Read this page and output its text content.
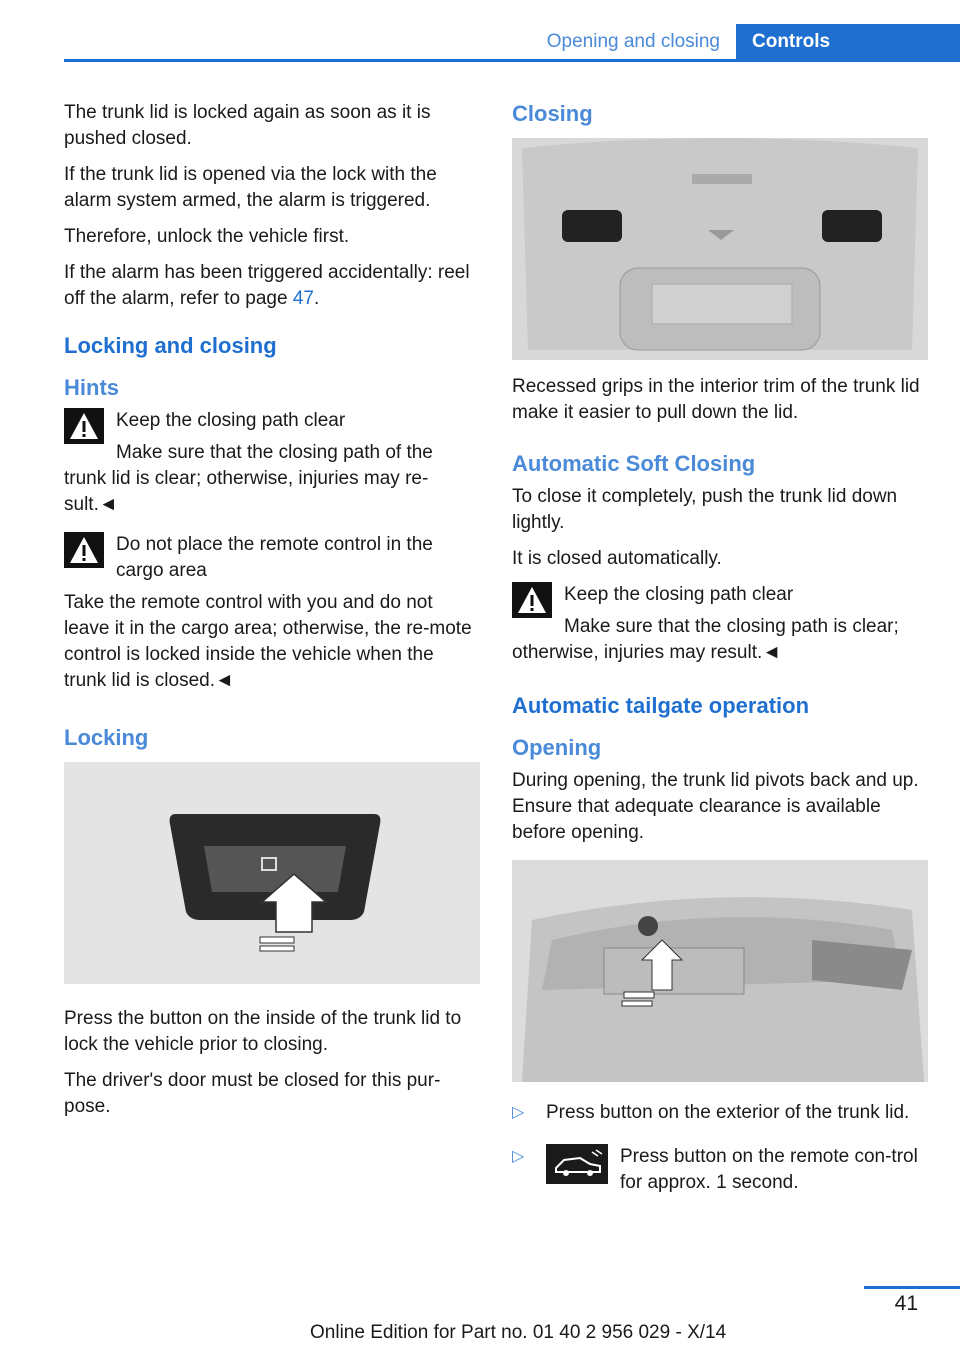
Opening and closing	Controls

The trunk lid is locked again as soon as it is pushed closed.

If the trunk lid is opened via the lock with the alarm system armed, the alarm is triggered.

Therefore, unlock the vehicle first.

If the alarm has been triggered accidentally: reel off the alarm, refer to page 47.

Locking and closing
Hints

Keep the closing path clear

Make sure that the closing path of the trunk lid is clear; otherwise, injuries may re-sult.◄

Do not place the remote control in the cargo area

Take the remote control with you and do not leave it in the cargo area; otherwise, the re-mote control is locked inside the vehicle when the trunk lid is closed.◄

Locking

Press the button on the inside of the trunk lid to lock the vehicle prior to closing.

The driver's door must be closed for this pur-pose.

Closing

Recessed grips in the interior trim of the trunk lid make it easier to pull down the lid.

Automatic Soft Closing

To close it completely, push the trunk lid down lightly.

It is closed automatically.

Keep the closing path clear

Make sure that the closing path is clear; otherwise, injuries may result.◄

Automatic tailgate operation
Opening

During opening, the trunk lid pivots back and up. Ensure that adequate clearance is available before opening.

▷ Press button on the exterior of the trunk lid.
▷	Press button on the remote con-trol for approx. 1 second.
41
Online Edition for Part no. 01 40 2 956 029 - X/14
